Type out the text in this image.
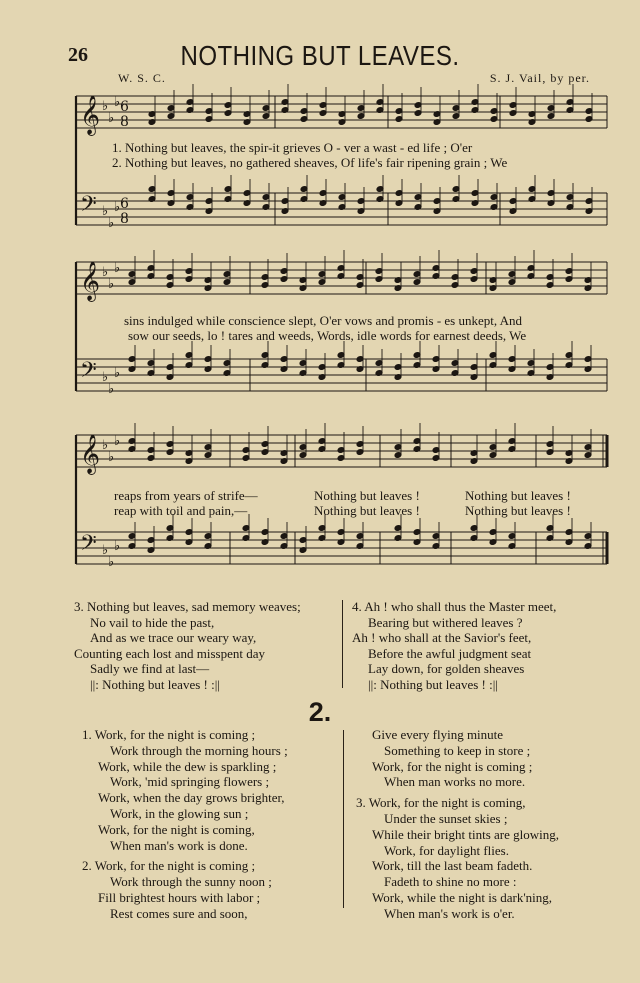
26	NOTHING BUT LEAVES.
W. S. C.	S. J. Vail, by per.
𝄞
𝄢
♭
♭
♭
♭
♭
♭
6
8
6
8
𝄞
𝄢
♭
♭
♭
♭
♭
♭
𝄞
𝄢
♭
♭
♭
♭
♭
♭
1. Nothing but leaves, the spir-it grieves O - ver a wast - ed life ; O'er
2. Nothing but leaves, no gathered sheaves, Of life's fair ripening grain ; We
sins indulged while conscience slept, O'er vows and promis - es unkept, And
sow our seeds, lo ! tares and weeds, Words, idle words for earnest deeds, We
reaps from years of strife—	Nothing but leaves !	Nothing but leaves !
reap with toil and pain,—	Nothing but leaves !	Nothing but leaves !
3. Nothing but leaves, sad memory weaves;
No vail to hide the past,
And as we trace our weary way,
Counting each lost and misspent day
Sadly we find at last—
||: Nothing but leaves ! :||
4. Ah ! who shall thus the Master meet,
Bearing but withered leaves ?
Ah ! who shall at the Savior's feet,
Before the awful judgment seat
Lay down, for golden sheaves
||: Nothing but leaves ! :||
2.
1. Work, for the night is coming ;
Work through the morning hours ;
Work, while the dew is sparkling ;
Work, 'mid springing flowers ;
Work, when the day grows brighter,
Work, in the glowing sun ;
Work, for the night is coming,
When man's work is done.
2. Work, for the night is coming ;
Work through the sunny noon ;
Fill brightest hours with labor ;
Rest comes sure and soon,
Give every flying minute
Something to keep in store ;
Work, for the night is coming ;
When man works no more.
3. Work, for the night is coming,
Under the sunset skies ;
While their bright tints are glowing,
Work, for daylight flies.
Work, till the last beam fadeth.
Fadeth to shine no more :
Work, while the night is dark'ning,
When man's work is o'er.
